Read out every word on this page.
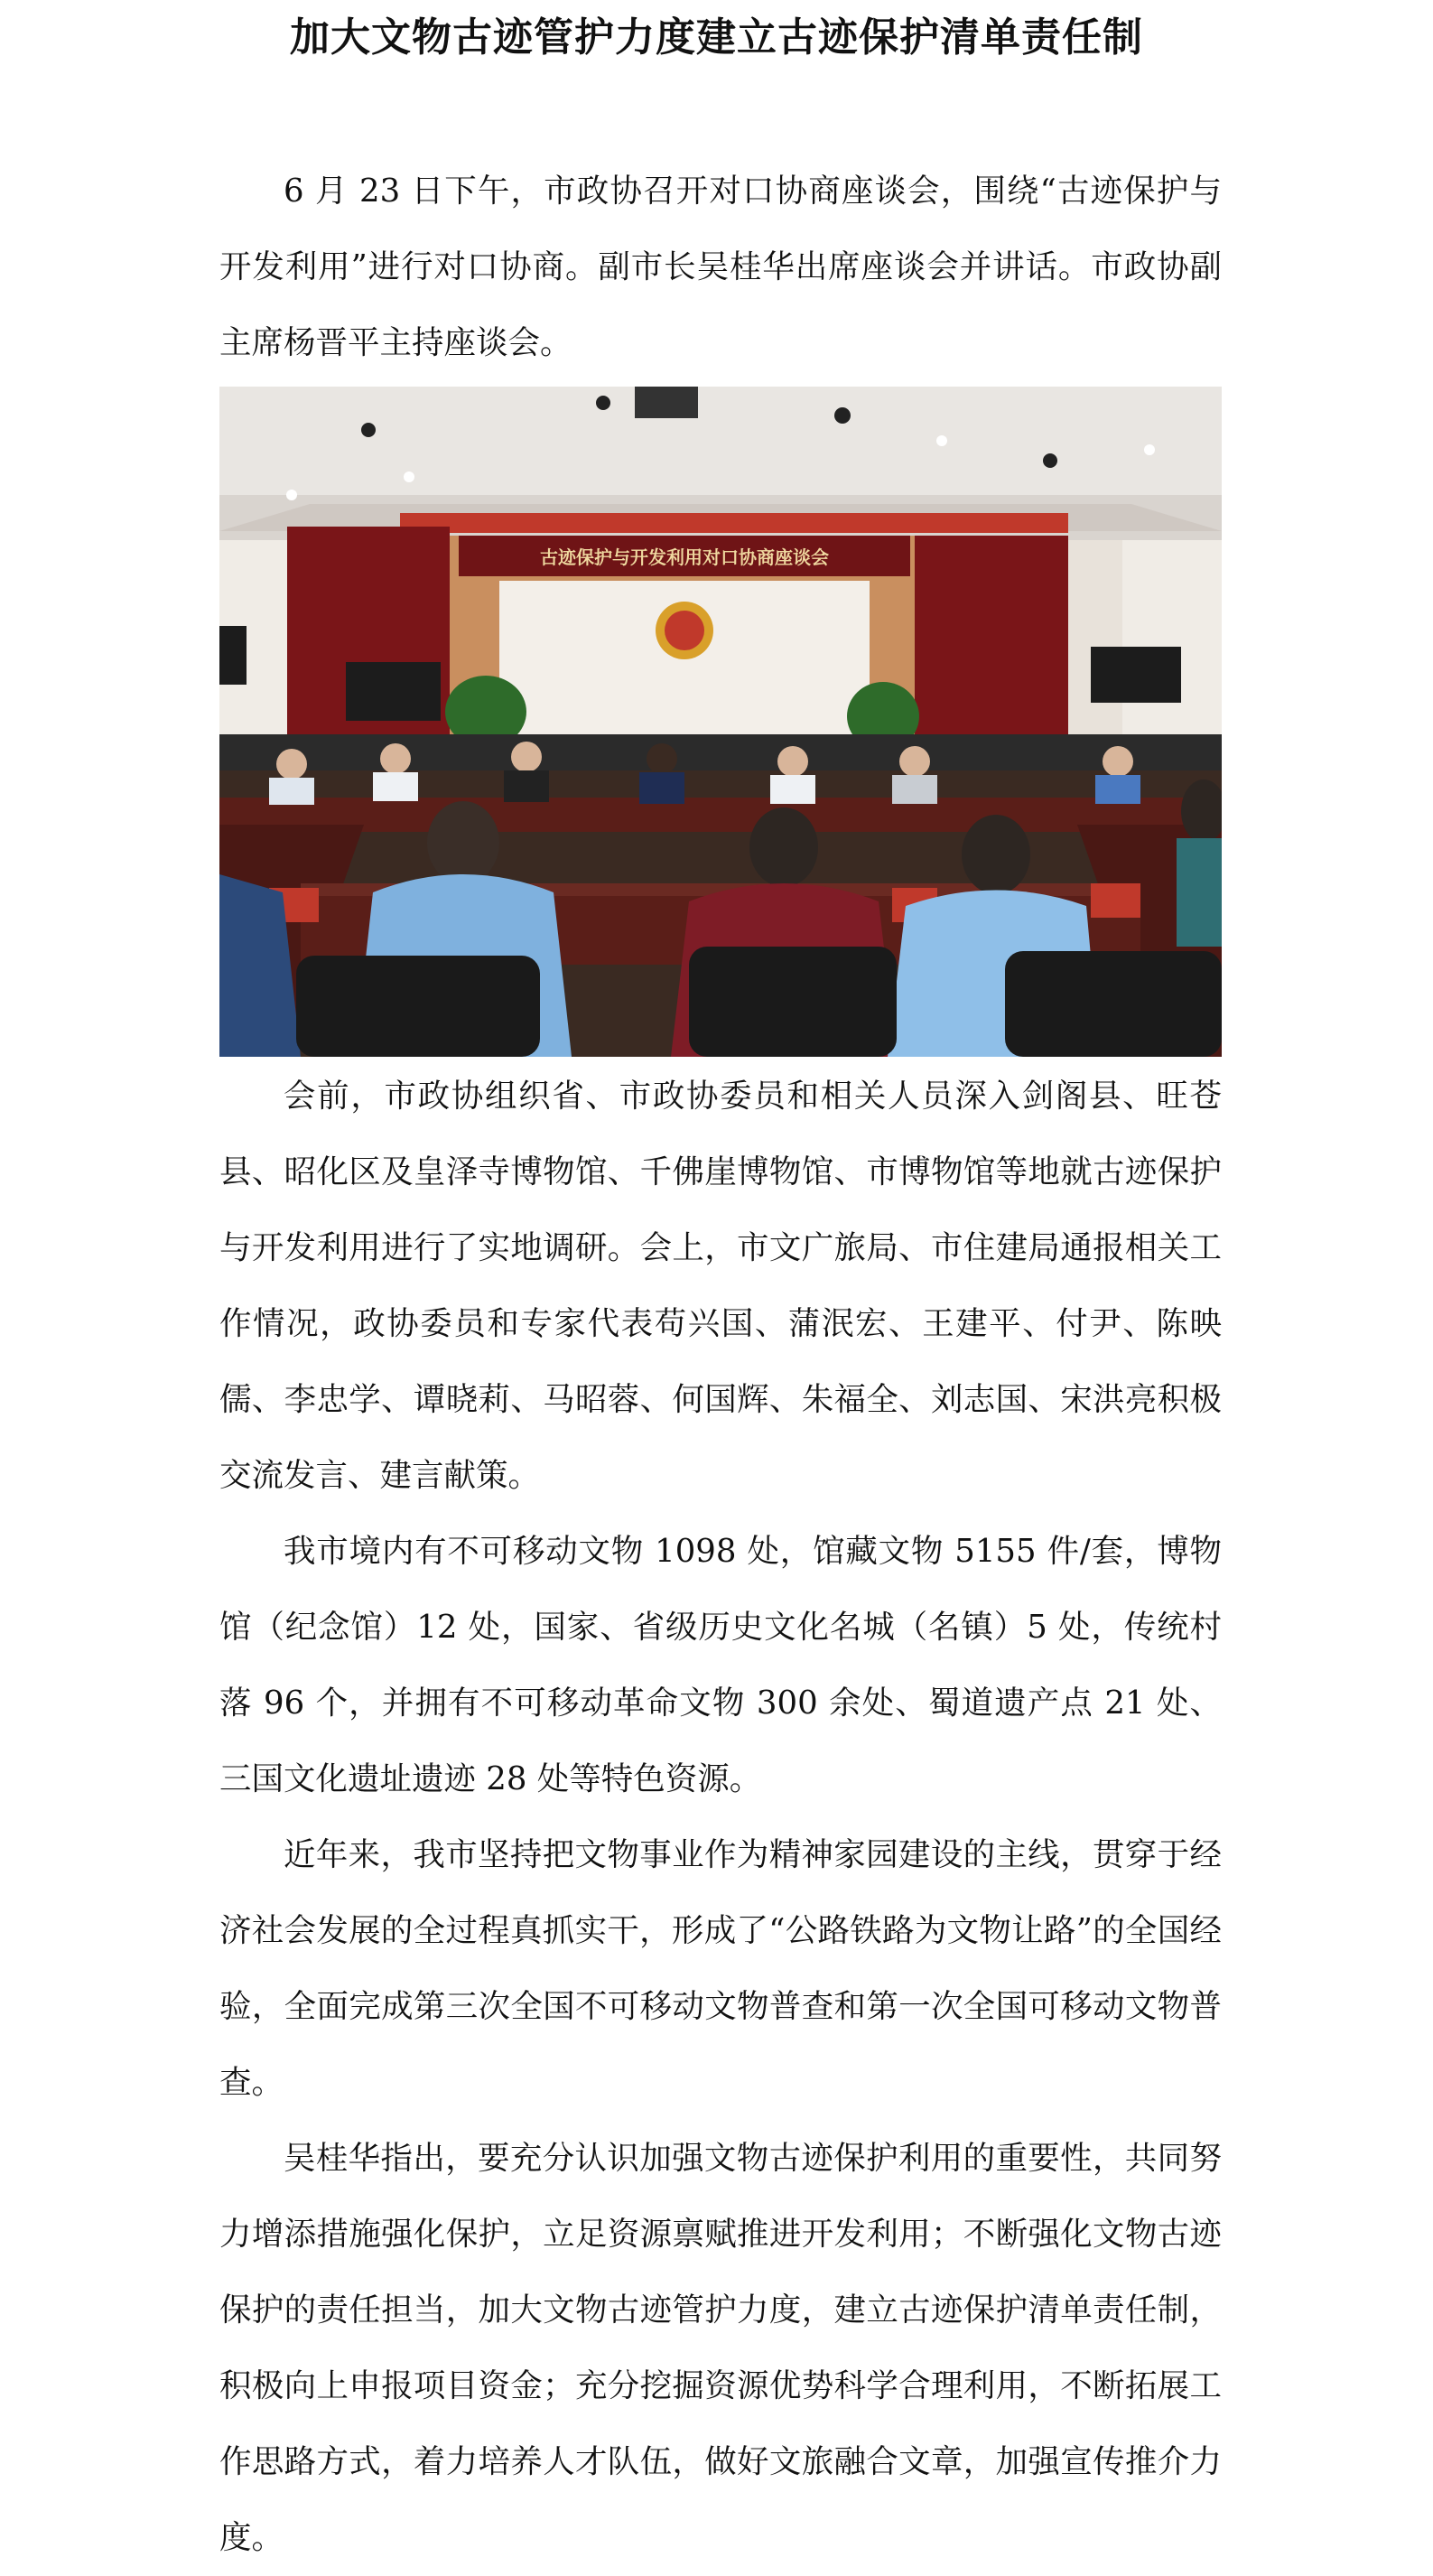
加大文物古迹管护力度建立古迹保护清单责任制

6 月 23 日下午，市政协召开对口协商座谈会，围绕“古迹保护与开发利用”进行对口协商。副市长吴桂华出席座谈会并讲话。市政协副主席杨晋平主持座谈会。

古迹保护与开发利用对口协商座谈会

会前，市政协组织省、市政协委员和相关人员深入剑阁县、旺苍县、昭化区及皇泽寺博物馆、千佛崖博物馆、市博物馆等地就古迹保护与开发利用进行了实地调研。会上，市文广旅局、市住建局通报相关工作情况，政协委员和专家代表苟兴国、蒲泯宏、王建平、付尹、陈映儒、李忠学、谭晓莉、马昭蓉、何国辉、朱福全、刘志国、宋洪亮积极交流发言、建言献策。

我市境内有不可移动文物 1098 处，馆藏文物 5155 件/套，博物馆（纪念馆）12 处，国家、省级历史文化名城（名镇）5 处，传统村落 96 个，并拥有不可移动革命文物 300 余处、蜀道遗产点 21 处、三国文化遗址遗迹 28 处等特色资源。

近年来，我市坚持把文物事业作为精神家园建设的主线，贯穿于经济社会发展的全过程真抓实干，形成了“公路铁路为文物让路”的全国经验，全面完成第三次全国不可移动文物普查和第一次全国可移动文物普查。

吴桂华指出，要充分认识加强文物古迹保护利用的重要性，共同努力增添措施强化保护，立足资源禀赋推进开发利用；不断强化文物古迹保护的责任担当，加大文物古迹管护力度，建立古迹保护清单责任制，积极向上申报项目资金；充分挖掘资源优势科学合理利用，不断拓展工作思路方式，着力培养人才队伍，做好文旅融合文章，加强宣传推介力度。
